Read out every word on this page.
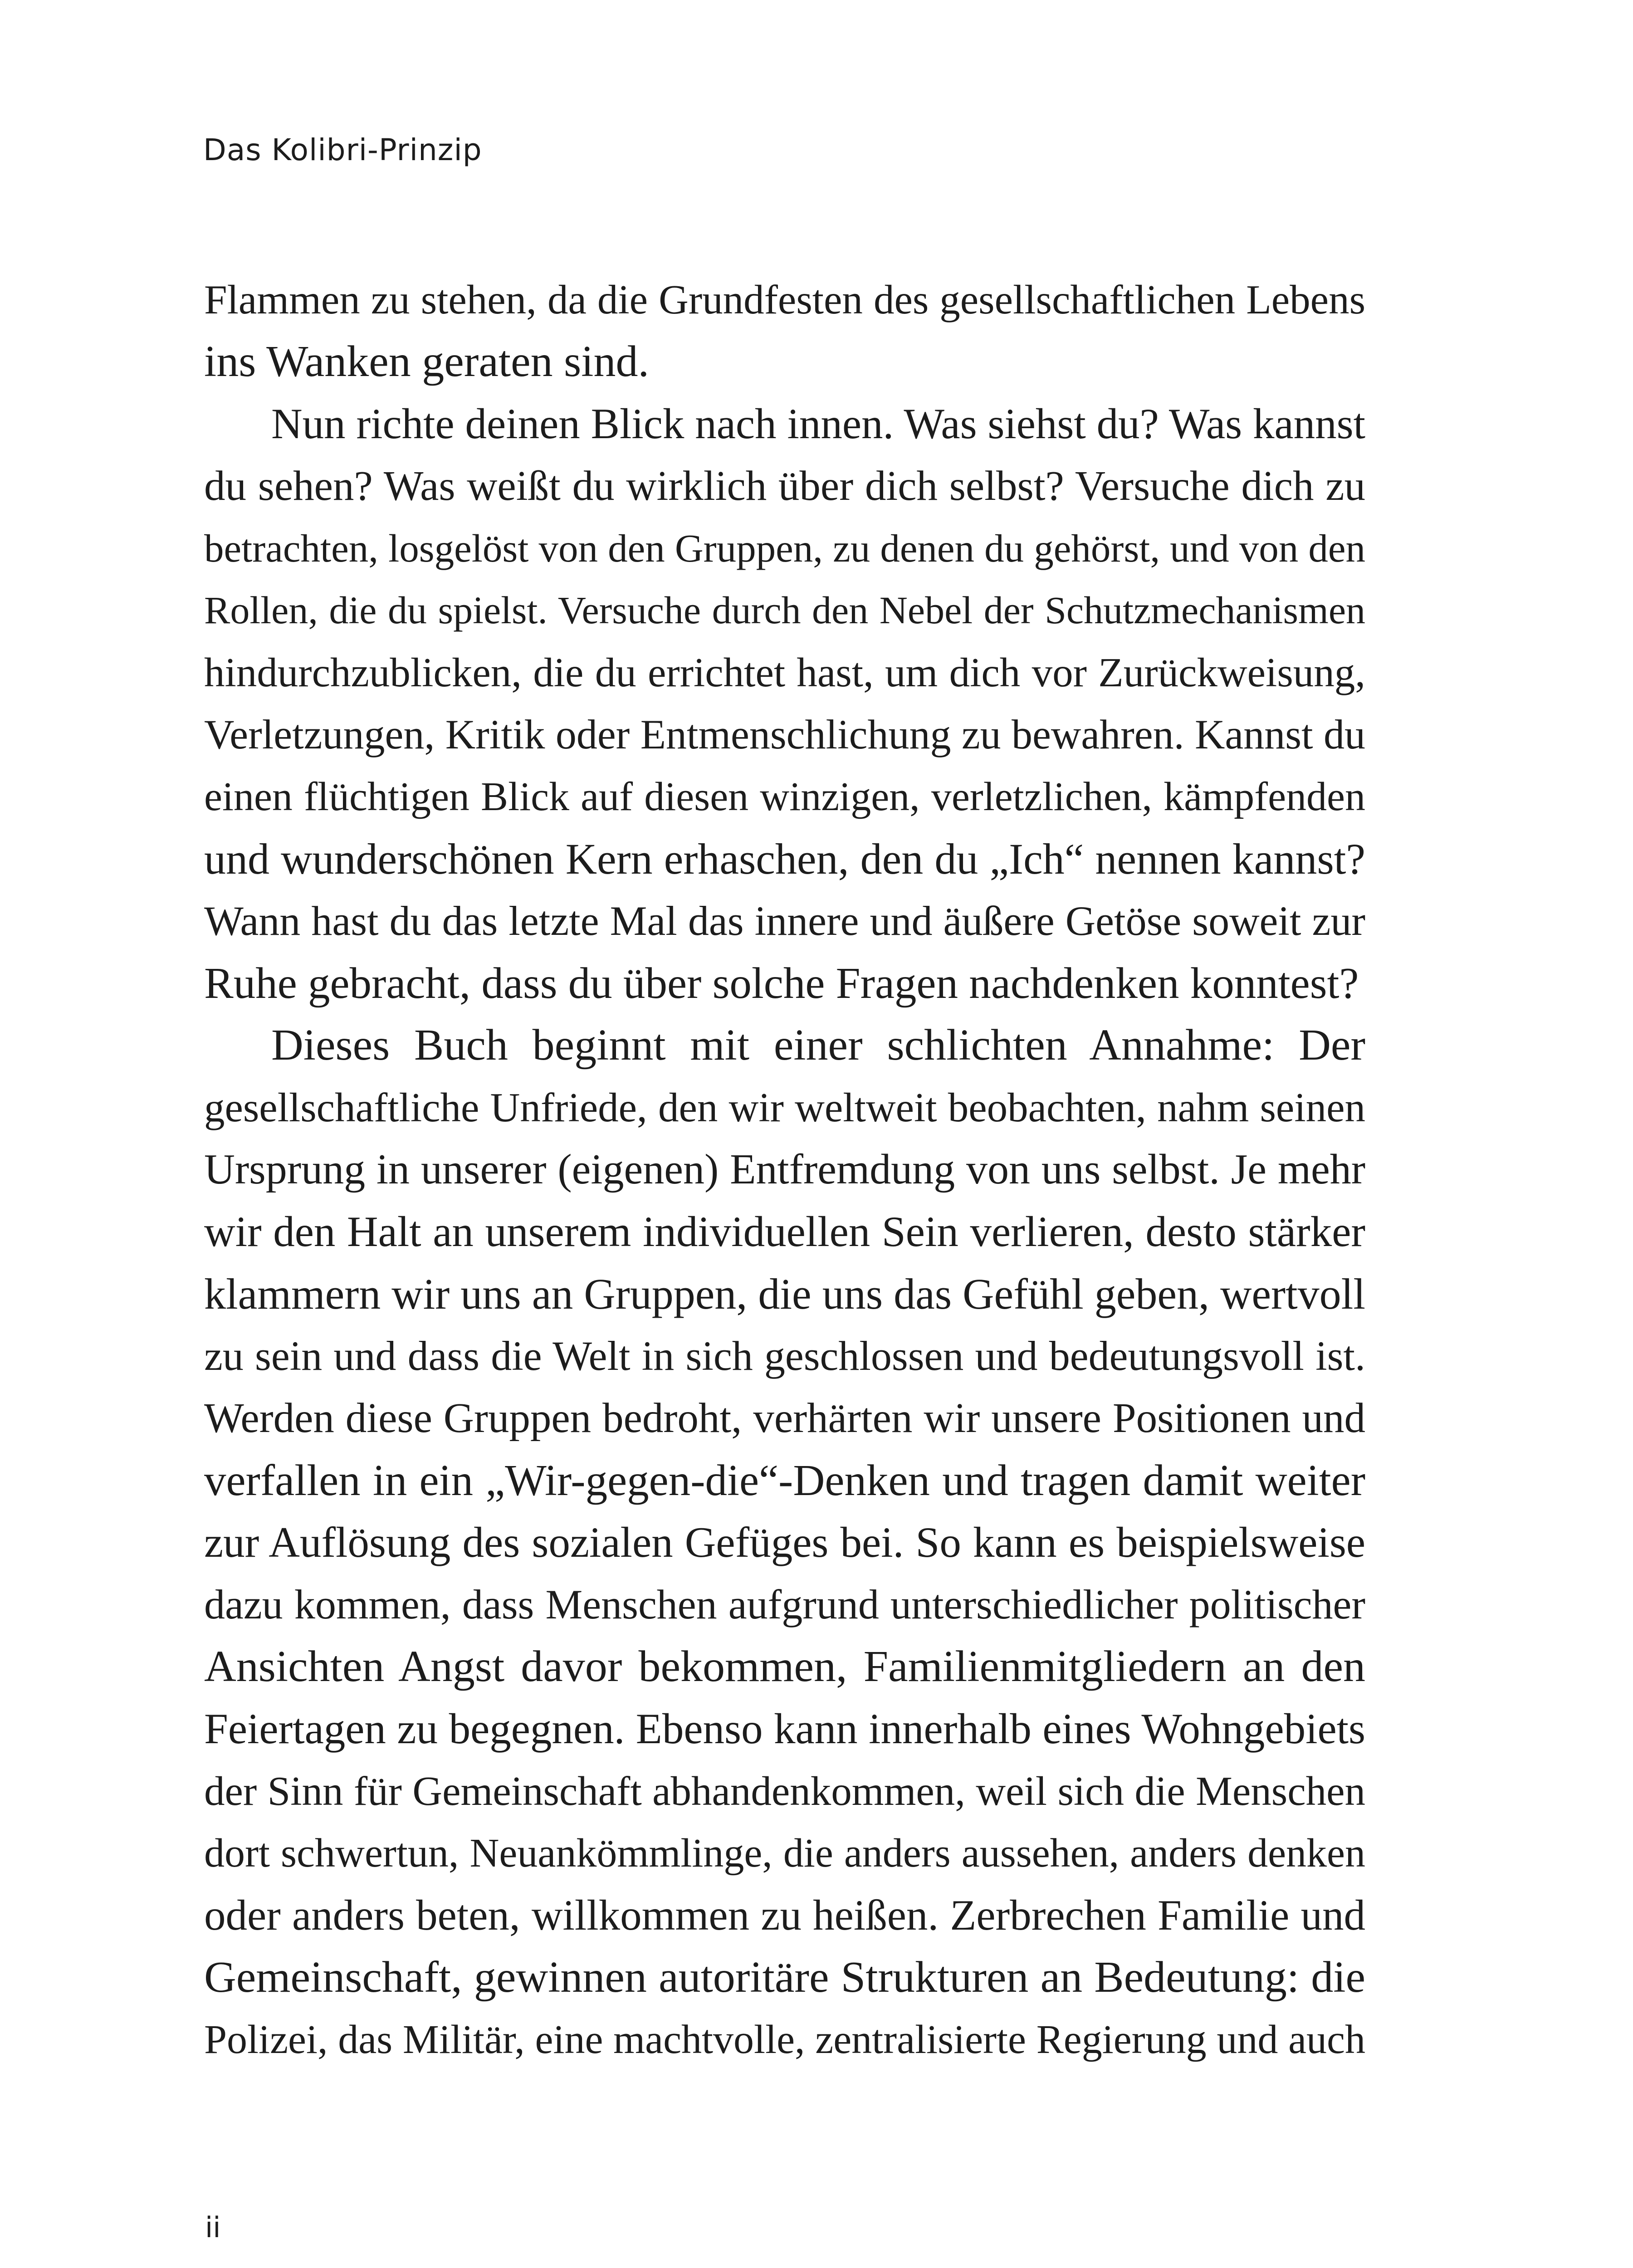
Das Kolibri-Prinzip

Flammen zu stehen, da die Grundfesten des gesellschaftlichen Lebens
ins Wanken geraten sind.
Nun richte deinen Blick nach innen. Was siehst du? Was kannst
du sehen? Was weißt du wirklich über dich selbst? Versuche dich zu
betrachten, losgelöst von den Gruppen, zu denen du gehörst, und von den
Rollen, die du spielst. Versuche durch den Nebel der Schutzmechanismen
hindurchzublicken, die du errichtet hast, um dich vor Zurückweisung,
Verletzungen, Kritik oder Entmenschlichung zu bewahren. Kannst du
einen flüchtigen Blick auf diesen winzigen, verletzlichen, kämpfenden
und wunderschönen Kern erhaschen, den du „Ich“ nennen kannst?
Wann hast du das letzte Mal das innere und äußere Getöse soweit zur
Ruhe gebracht, dass du über solche Fragen nachdenken konntest?
Dieses Buch beginnt mit einer schlichten Annahme: Der
gesellschaftliche Unfriede, den wir weltweit beobachten, nahm seinen
Ursprung in unserer (eigenen) Entfremdung von uns selbst. Je mehr
wir den Halt an unserem individuellen Sein verlieren, desto stärker
klammern wir uns an Gruppen, die uns das Gefühl geben, wertvoll
zu sein und dass die Welt in sich geschlossen und bedeutungsvoll ist.
Werden diese Gruppen bedroht, verhärten wir unsere Positionen und
verfallen in ein „Wir-gegen-die“-Denken und tragen damit weiter
zur Auflösung des sozialen Gefüges bei. So kann es beispielsweise
dazu kommen, dass Menschen aufgrund unterschiedlicher politischer
Ansichten Angst davor bekommen, Familienmitgliedern an den
Feiertagen zu begegnen. Ebenso kann innerhalb eines Wohngebiets
der Sinn für Gemeinschaft abhandenkommen, weil sich die Menschen
dort schwertun, Neuankömmlinge, die anders aussehen, anders denken
oder anders beten, willkommen zu heißen. Zerbrechen Familie und
Gemeinschaft, gewinnen autoritäre Strukturen an Bedeutung: die
Polizei, das Militär, eine machtvolle, zentralisierte Regierung und auch

ii
